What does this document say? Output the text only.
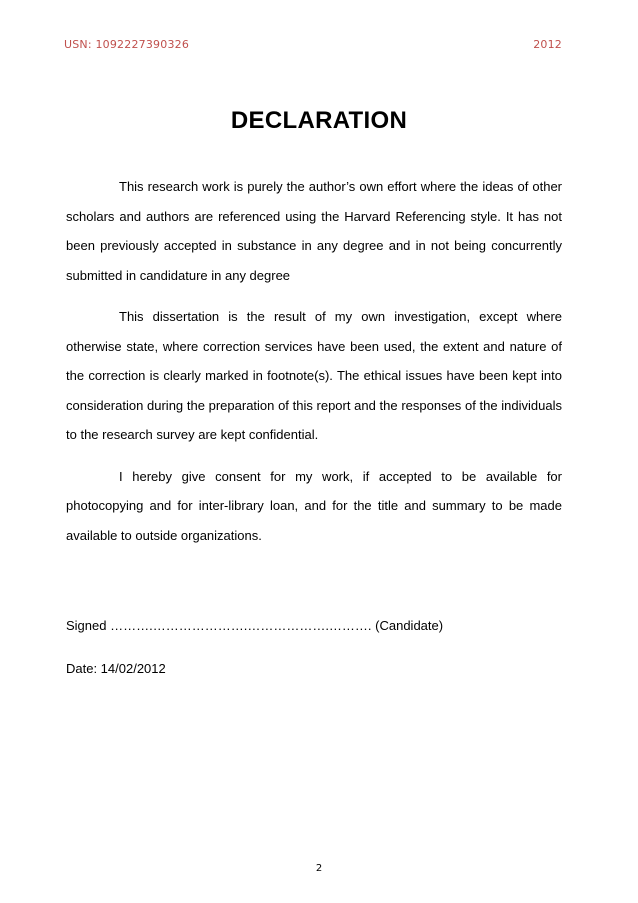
USN: 1092227390326	2012
DECLARATION

This research work is purely the author’s own effort where the ideas of other scholars and authors are referenced using the Harvard Referencing style. It has not been previously accepted in substance in any degree and in not being concurrently submitted in candidature in any degree

This dissertation is the result of my own investigation, except where otherwise state, where correction services have been used, the extent and nature of the correction is clearly marked in footnote(s). The ethical issues have been kept into consideration during the preparation of this report and the responses of the individuals to the research survey are kept confidential.

I hereby give consent for my work, if accepted to be available for photocopying and for inter-library loan, and for the title and summary to be made available to outside organizations.

Signed ……….………………….……………….………. (Candidate)
Date: 14/02/2012
2
